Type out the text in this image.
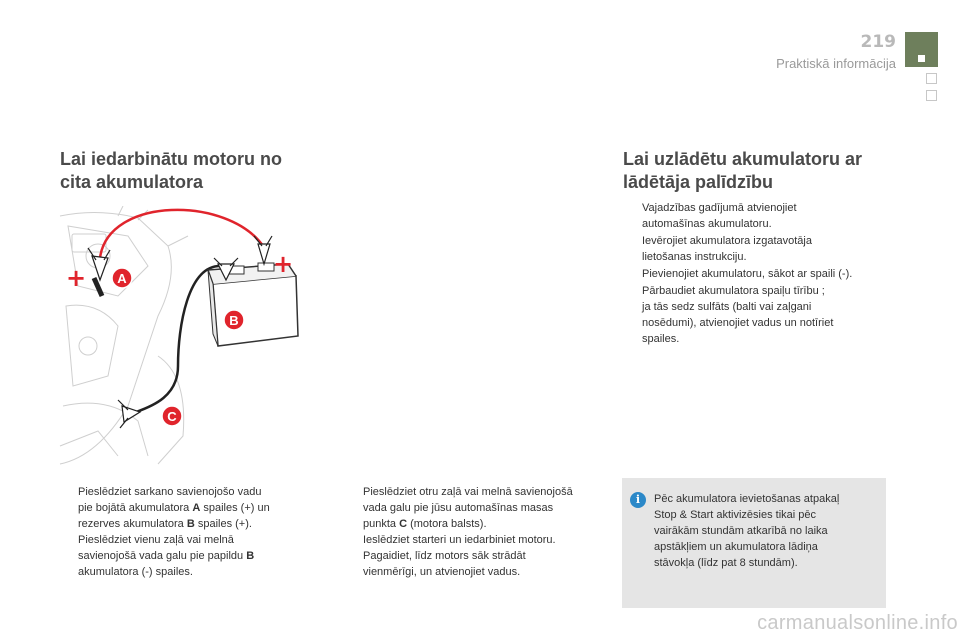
219
Praktiskā informācija
Lai iedarbinātu motoru no
cita akumulatora
Lai uzlādētu akumulatoru ar
lādētāja palīdzību
+	+
A
B
C
Vajadzības gadījumā atvienojiet
automašīnas akumulatoru.
Ievērojiet akumulatora izgatavotāja
lietošanas instrukciju.
Pievienojiet akumulatoru, sākot ar spaili (-).
Pārbaudiet akumulatora spaiļu tīrību ;
ja tās sedz sulfāts (balti vai zaļgani
nosēdumi), atvienojiet vadus un notīriet
spailes.
Pieslēdziet sarkano savienojošo vadu
pie bojātā akumulatora A spailes (+) un
rezerves akumulatora B spailes (+).
Pieslēdziet vienu zaļā vai melnā
savienojošā vada galu pie papildu B
akumulatora (-) spailes.
Pieslēdziet otru zaļā vai melnā savienojošā
vada galu pie jūsu automašīnas masas
punkta C (motora balsts).
Ieslēdziet starteri un iedarbiniet motoru.
Pagaidiet, līdz motors sāk strādāt
vienmērīgi, un atvienojiet vadus.
i	Pēc akumulatora ievietošanas atpakaļ
Stop & Start aktivizēsies tikai pēc
vairākām stundām atkarībā no laika
apstākļiem un akumulatora lādiņa
stāvokļa (līdz pat 8 stundām).
carmanualsonline.info
